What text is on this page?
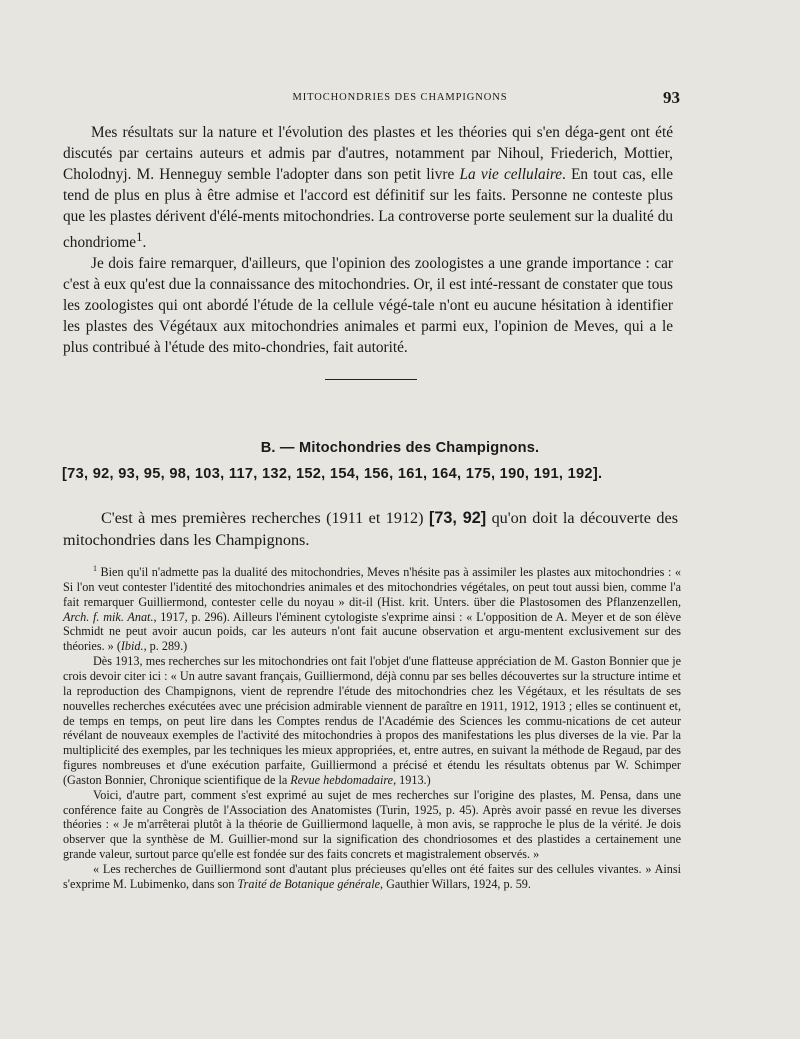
MITOCHONDRIES DES CHAMPIGNONS	93

Mes résultats sur la nature et l'évolution des plastes et les théories qui s'en déga-gent ont été discutés par certains auteurs et admis par d'autres, notamment par Nihoul, Friederich, Mottier, Cholodnyj. M. Henneguy semble l'adopter dans son petit livre La vie cellulaire. En tout cas, elle tend de plus en plus à être admise et l'accord est définitif sur les faits. Personne ne conteste plus que les plastes dérivent d'élé-ments mitochondries. La controverse porte seulement sur la dualité du chondriome$^1$.

Je dois faire remarquer, d'ailleurs, que l'opinion des zoologistes a une grande importance : car c'est à eux qu'est due la connaissance des mitochondries. Or, il est inté-ressant de constater que tous les zoologistes qui ont abordé l'étude de la cellule végé-tale n'ont eu aucune hésitation à identifier les plastes des Végétaux aux mitochondries animales et parmi eux, l'opinion de Meves, qui a le plus contribué à l'étude des mito-chondries, fait autorité.

B. — Mitochondries des Champignons.
[73, 92, 93, 95, 98, 103, 117, 132, 152, 154, 156, 161, 164, 175, 190, 191, 192].

C'est à mes premières recherches (1911 et 1912) [73, 92] qu'on doit la découverte des mitochondries dans les Champignons.

$^1$ Bien qu'il n'admette pas la dualité des mitochondries, Meves n'hésite pas à assimiler les plastes aux mitochondries : « Si l'on veut contester l'identité des mitochondries animales et des mitochondries végétales, on peut tout aussi bien, comme l'a fait remarquer Guilliermond, contester celle du noyau » dit-il (Hist. krit. Unters. über die Plastosomen des Pflanzenzellen, Arch. f. mik. Anat., 1917, p. 296). Ailleurs l'éminent cytologiste s'exprime ainsi : « L'opposition de A. Meyer et de son élève Schmidt ne peut avoir aucun poids, car les auteurs n'ont fait aucune observation et argu-mentent exclusivement sur des théories. » (Ibid., p. 289.)

Dès 1913, mes recherches sur les mitochondries ont fait l'objet d'une flatteuse appréciation de M. Gaston Bonnier que je crois devoir citer ici : « Un autre savant français, Guilliermond, déjà connu par ses belles découvertes sur la structure intime et la reproduction des Champignons, vient de reprendre l'étude des mitochondries chez les Végétaux, et les résultats de ses nouvelles recherches exécutées avec une précision admirable viennent de paraître en 1911, 1912, 1913 ; elles se continuent et, de temps en temps, on peut lire dans les Comptes rendus de l'Académie des Sciences les commu-nications de cet auteur révélant de nouveaux exemples de l'activité des mitochondries à propos des manifestations les plus diverses de la vie. Par la multiplicité des exemples, par les techniques les mieux appropriées, et, entre autres, en suivant la méthode de Regaud, par des figures nombreuses et d'une exécution parfaite, Guilliermond a précisé et étendu les résultats obtenus par W. Schimper (Gaston Bonnier, Chronique scientifique de la Revue hebdomadaire, 1913.)

Voici, d'autre part, comment s'est exprimé au sujet de mes recherches sur l'origine des plastes, M. Pensa, dans une conférence faite au Congrès de l'Association des Anatomistes (Turin, 1925, p. 45). Après avoir passé en revue les diverses théories : « Je m'arrêterai plutôt à la théorie de Guilliermond laquelle, à mon avis, se rapproche le plus de la vérité. Je dois observer que la synthèse de M. Guillier-mond sur la signification des chondriosomes et des plastides a certainement une grande valeur, surtout parce qu'elle est fondée sur des faits concrets et magistralement observés. »

« Les recherches de Guilliermond sont d'autant plus précieuses qu'elles ont été faites sur des cellules vivantes. » Ainsi s'exprime M. Lubimenko, dans son Traité de Botanique générale, Gauthier Willars, 1924, p. 59.
